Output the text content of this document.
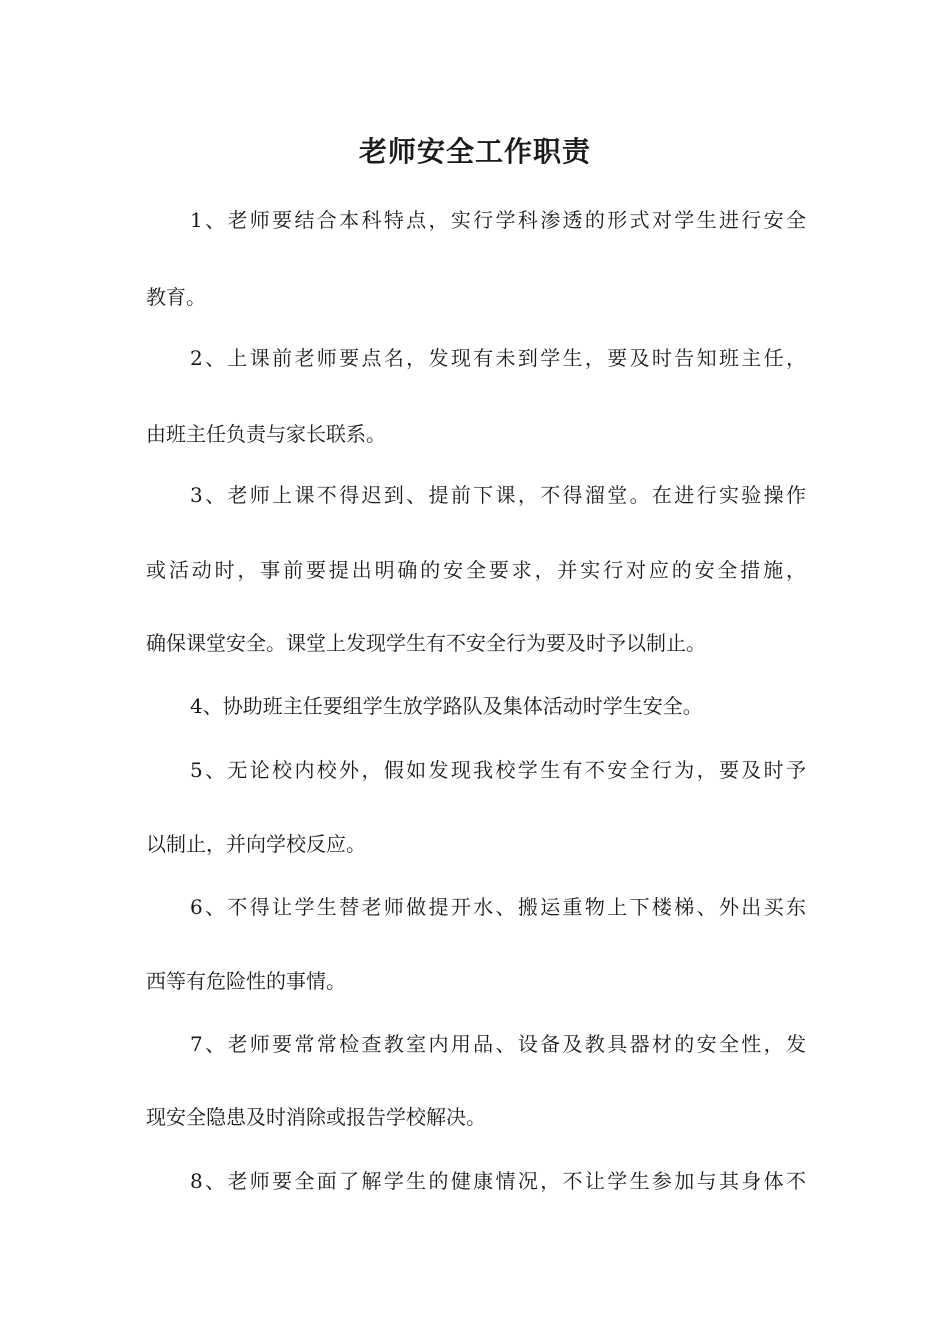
老师安全工作职责

1、老师要结合本科特点，实行学科渗透的形式对学生进行安全

教育。

2、上课前老师要点名，发现有未到学生，要及时告知班主任，

由班主任负责与家长联系。

3、老师上课不得迟到、提前下课，不得溜堂。在进行实验操作

或活动时，事前要提出明确的安全要求，并实行对应的安全措施，

确保课堂安全。课堂上发现学生有不安全行为要及时予以制止。

4、协助班主任要组学生放学路队及集体活动时学生安全。

5、无论校内校外，假如发现我校学生有不安全行为，要及时予

以制止，并向学校反应。

6、不得让学生替老师做提开水、搬运重物上下楼梯、外出买东

西等有危险性的事情。

7、老师要常常检查教室内用品、设备及教具器材的安全性，发

现安全隐患及时消除或报告学校解决。

8、老师要全面了解学生的健康情况，不让学生参加与其身体不
